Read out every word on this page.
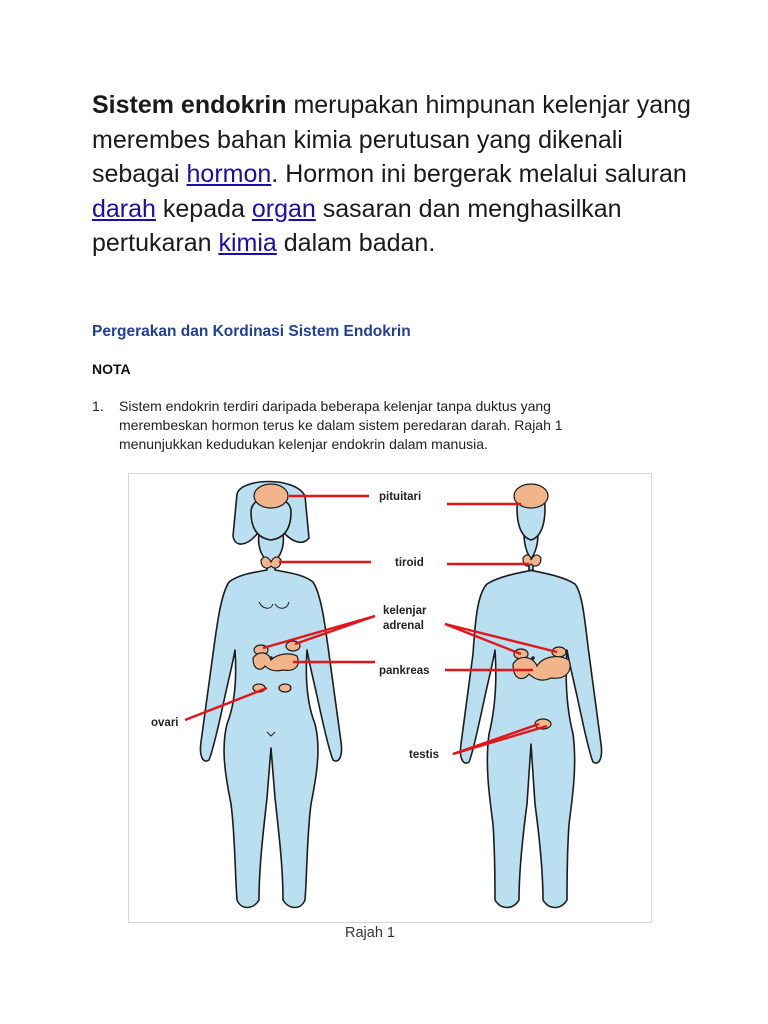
Sistem endokrin merupakan himpunan kelenjar yang merembes bahan kimia perutusan yang dikenali sebagai hormon. Hormon ini bergerak melalui saluran darah kepada organ sasaran dan menghasilkan pertukaran kimia dalam badan.

Pergerakan dan Kordinasi Sistem Endokrin
NOTA
1. Sistem endokrin terdiri daripada beberapa kelenjar tanpa duktus yang merembeskan hormon terus ke dalam sistem peredaran darah. Rajah 1 menunjukkan kedudukan kelenjar endokrin dalam manusia.

pituitari
tiroid
kelenjar
adrenal
pankreas
ovari
testis
Rajah 1
